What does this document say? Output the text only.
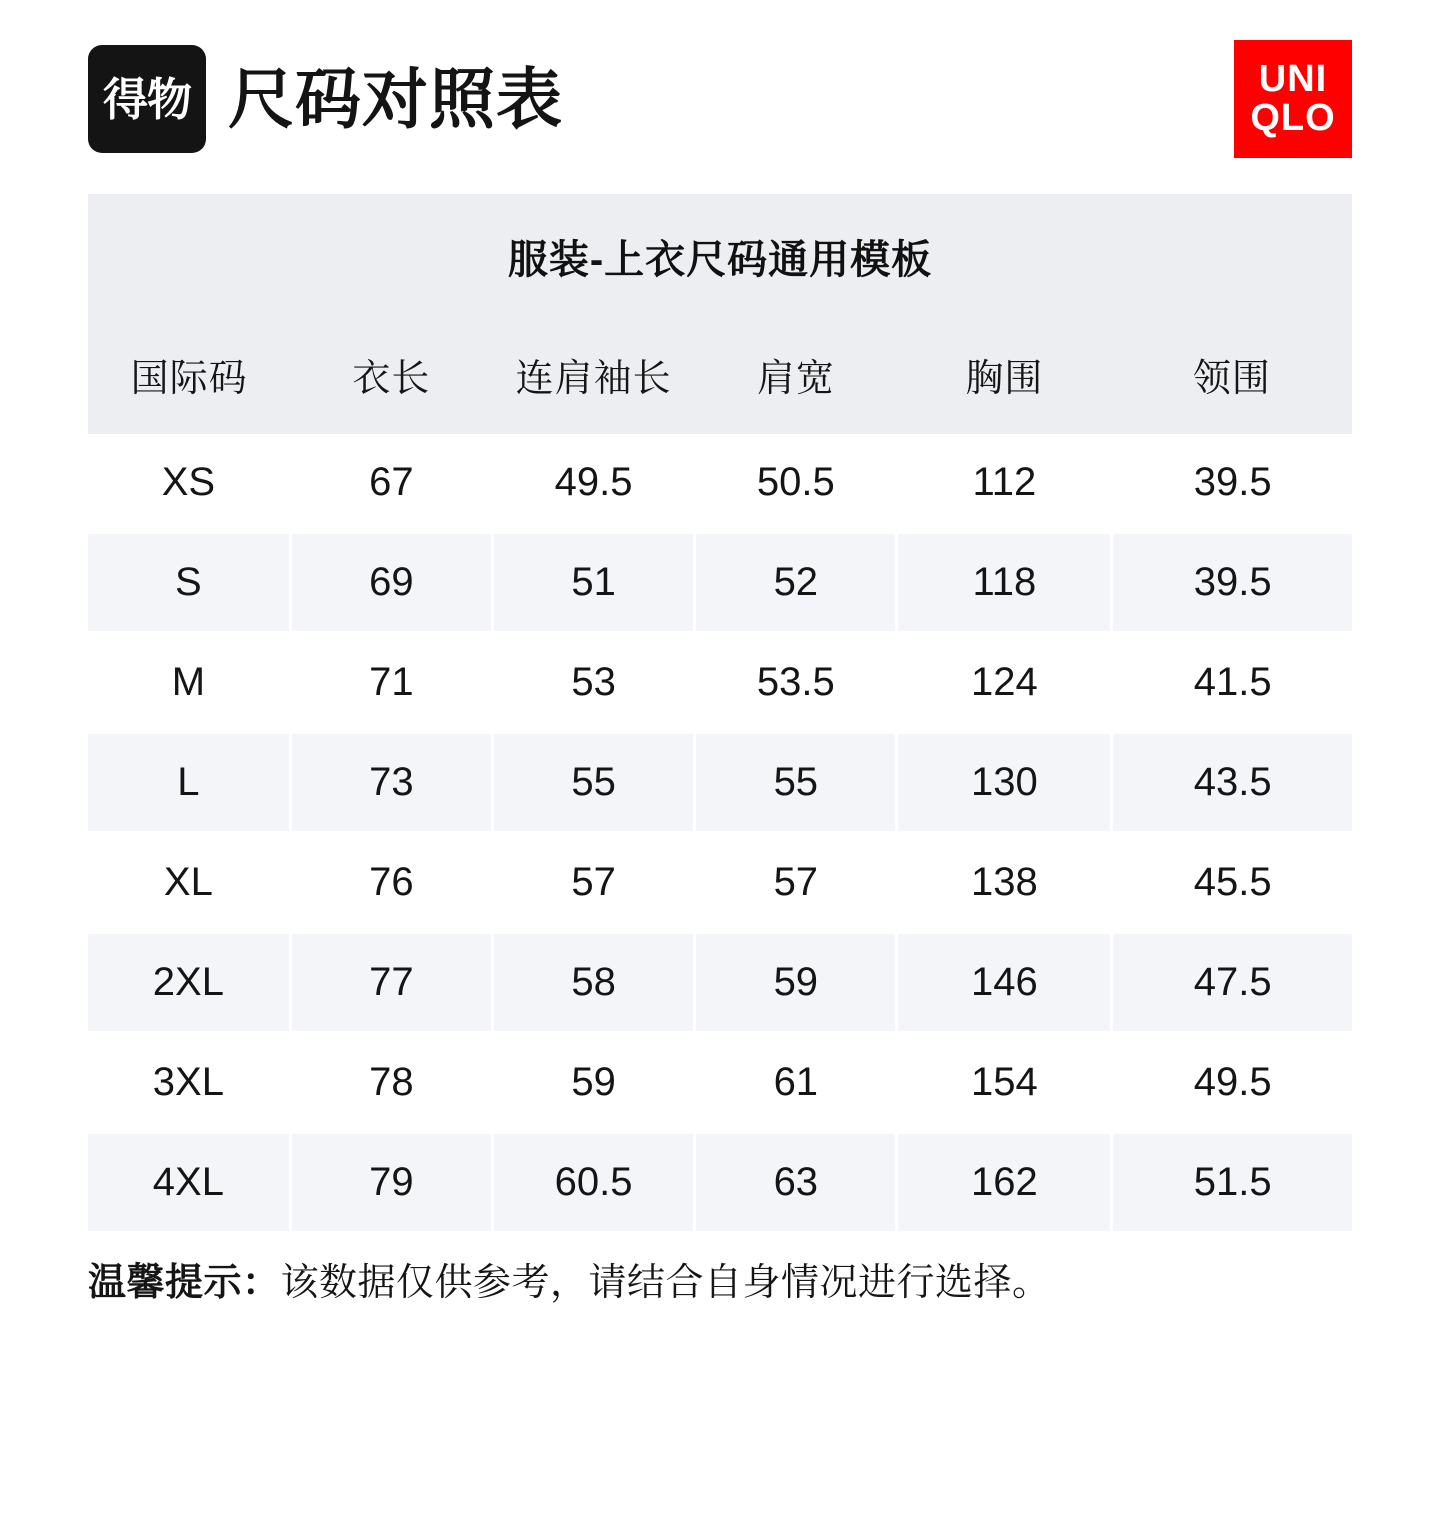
得物 尺码对照表	UNI
QLO
服装-上衣尺码通用模板
国际码	衣长	连肩袖长	肩宽	胸围	领围
XS	67	49.5	50.5	112	39.5
S	69	51	52	118	39.5
M	71	53	53.5	124	41.5
L	73	55	55	130	43.5
XL	76	57	57	138	45.5
2XL	77	58	59	146	47.5
3XL	78	59	61	154	49.5
4XL	79	60.5	63	162	51.5
温馨提示：该数据仅供参考，请结合自身情况进行选择。
